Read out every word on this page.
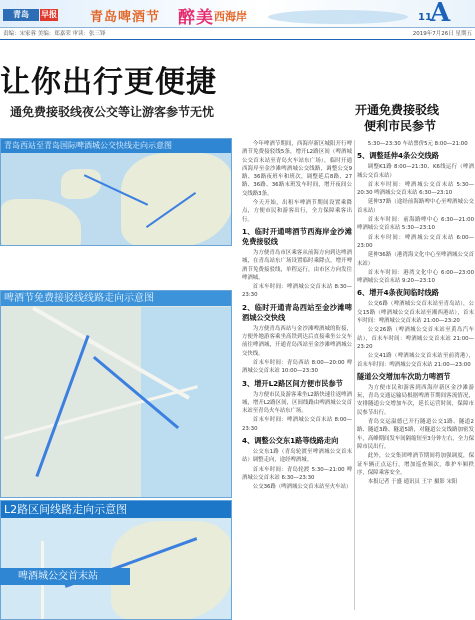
青岛	早报	青岛啤酒节 醉美 西海岸	11
A
责编：宋家蓉 美编：郑嘉荣 审读：张三锋	2019年7月26日 星期五
让你出行更便捷
通免费接驳线夜公交等让游客参节无忧	开通免费接驳线
便利市民参节
青岛西站至青岛国际啤酒城公交快线走向示意图
啤酒节免费接驳线线路走向示意图
L2路区间线路走向示意图
啤酒城公交首末站

今年啤酒节期间，西海岸新区城阳开行啤酒节免费接驳线5条，增开L2路区间（啤酒城公交首末站至青岛火车站东广场），临时开通西海岸至金沙滩啤酒城公交线路，调整公交9路、36路夜班车和班次，调整延后8路、27路、36路、36路末班发车时间，增开夜间公交线路3条。

今天开始，出租车啤酒节期间设置乘降点，方便市民和游客出行，全力保障乘客出行。

1、临时开通啤酒节西海岸金沙滩免费接驳线

为方便青岛市区乘客从前海方向到达啤酒城，在青岛站东广场设置临时乘降点，增开啤酒节免费接驳线，单程运行，由市区方向发往啤酒城。

首末车时间：啤酒城公交首末站 8:30—23:30

2、临时开通青岛西站至金沙滩啤酒城公交快线

为方便青岛西站与金沙滩啤酒城的衔接，方便外地游客乘坐高铁到达后直接乘坐公交车前往啤酒城，开通青岛西站至金沙滩啤酒城公交快线。

首末车时间：青岛西站 8:00—20:00 啤酒城公交首末站 10:00—23:30

3、增开L2路区间方便市民参节

为方便市民及游客乘坐L2路快速往返啤酒城，增开L2路区间，区间线路由啤酒城公交首末站至青岛火车站东广场。

首末车时间：啤酒城公交首末站 8:00—23:30

4、调整公交东1路等线路走向

公交东1路（青岛轮渡至啤酒城公交首末站）调整走向，途经啤酒城。

首末车时间：青岛轮渡 5:30—21:00 啤酒城公交首末站 6:30—23:30

公交36路（啤酒城公交首末站至火车站）

5:30—23:30 车站票价5元 8:00—21:00

5、调整延伸4条公交线路

调整K1路 8:00—21:30、K6线运行（啤酒城公交首末站）

首末车时间：啤酒城公交首末站 5:30—20:30 啤酒城公交首末站 6:30—23:10

延伸37路（途经前海路啤中心至啤酒城公交首末站）

首末车时间：前海路啤中心 6:30—21:00 啤酒城公交首末站 5:30—23:10

首末车时间：啤酒城公交首末站 6:00—23:00

延伸36路（港湾海文化中心至啤酒城公交首末站）

首末车时间：港湾文化中心 6:00—23:00 啤酒城公交首末站 9:20—23:10

6、增开4条夜间临时线路

公交6路（啤酒城公交首末站至青岛站），公交15路（啤酒城公交首末站至湘西港站），首末车时间：啤酒城公交首末站 21:00—23:20

公交26路（啤酒城公交首末站至黄岛汽车站），首末车时间：啤酒城公交首末站 21:00—23:20

公交41路（啤酒城公交首末站至前湾港），首末车时间：啤酒城公交首末站 21:00—23:00

隧道公交增加车次助力啤酒节

为方便市民和游客到西海岸新区金沙滩游玩，青岛交通运输局根据啤酒节期间客流情况，安排隧道公交增加车次，延长运营时间，保障市民参节出行。

青岛交运温德已开行隧道公交1路、隧道2路、隧道3路、隧道5路，对隧道公交线路加密发车，高峰期间发车间隔缩短至3分钟左右，全力保障市民出行。

此外，公交集团啤酒节期间将加强调度，保证车辆正点运行，增加巡查频次，维护车厢秩序，保障乘客安全。

本报记者 于盛 通讯员 王宇 摄影 宋阳
